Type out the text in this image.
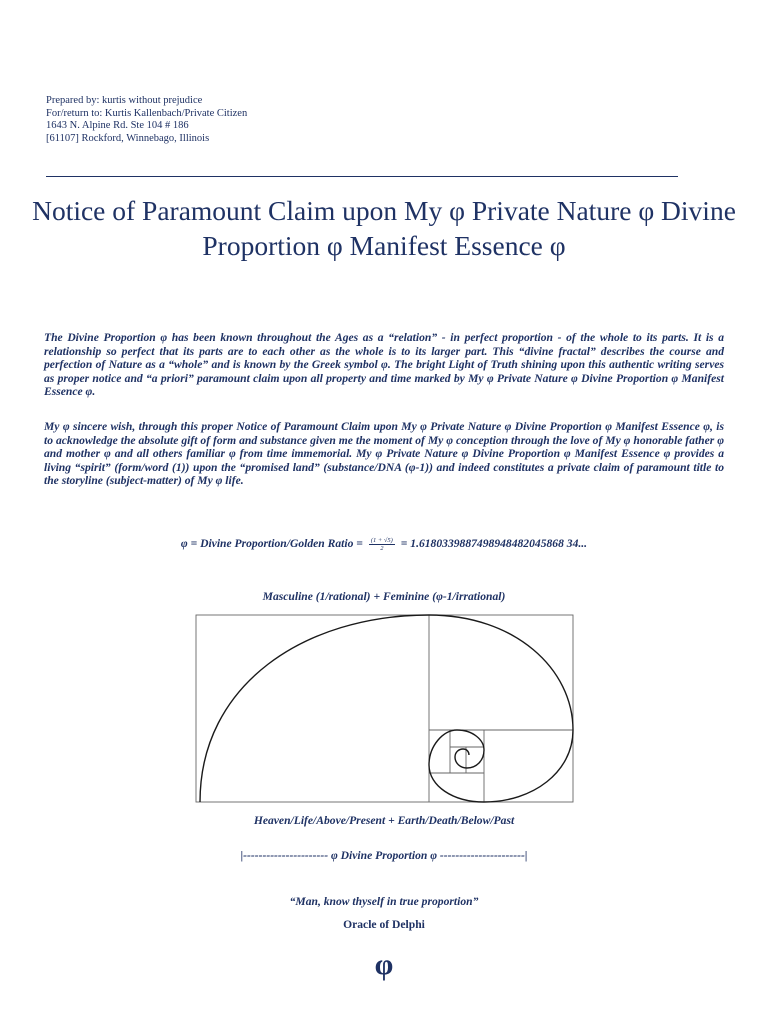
Prepared by: kurtis without prejudice
For/return to: Kurtis Kallenbach/Private Citizen
1643 N. Alpine Rd. Ste 104 # 186
[61107] Rockford, Winnebago, Illinois
Notice of Paramount Claim upon My φ Private Nature φ Divine Proportion φ Manifest Essence φ
The Divine Proportion φ has been known throughout the Ages as a “relation” - in perfect proportion - of the whole to its parts. It is a relationship so perfect that its parts are to each other as the whole is to its larger part. This “divine fractal” describes the course and perfection of Nature as a “whole” and is known by the Greek symbol φ. The bright Light of Truth shining upon this authentic writing serves as proper notice and “a priori” paramount claim upon all property and time marked by My φ Private Nature φ Divine Proportion φ Manifest Essence φ.
My φ sincere wish, through this proper Notice of Paramount Claim upon My φ Private Nature φ Divine Proportion φ Manifest Essence φ, is to acknowledge the absolute gift of form and substance given me the moment of My φ conception through the love of My φ honorable father φ and mother φ and all others familiar φ from time immemorial. My φ Private Nature φ Divine Proportion φ Manifest Essence φ provides a living “spirit” (form/word (1)) upon the “promised land” (substance/DNA (φ-1)) and indeed constitutes a private claim of paramount title to the storyline (subject-matter) of My φ life.
φ = Divine Proportion/Golden Ratio = $\frac{(1 + √5)}{2} = 1.6180339887498948482045868$ 34...
Masculine (1/rational) + Feminine (φ-1/irrational)
Heaven/Life/Above/Present + Earth/Death/Below/Past
|---------------------- φ Divine Proportion φ ----------------------|
“Man, know thyself in true proportion”
Oracle of Delphi
φ
